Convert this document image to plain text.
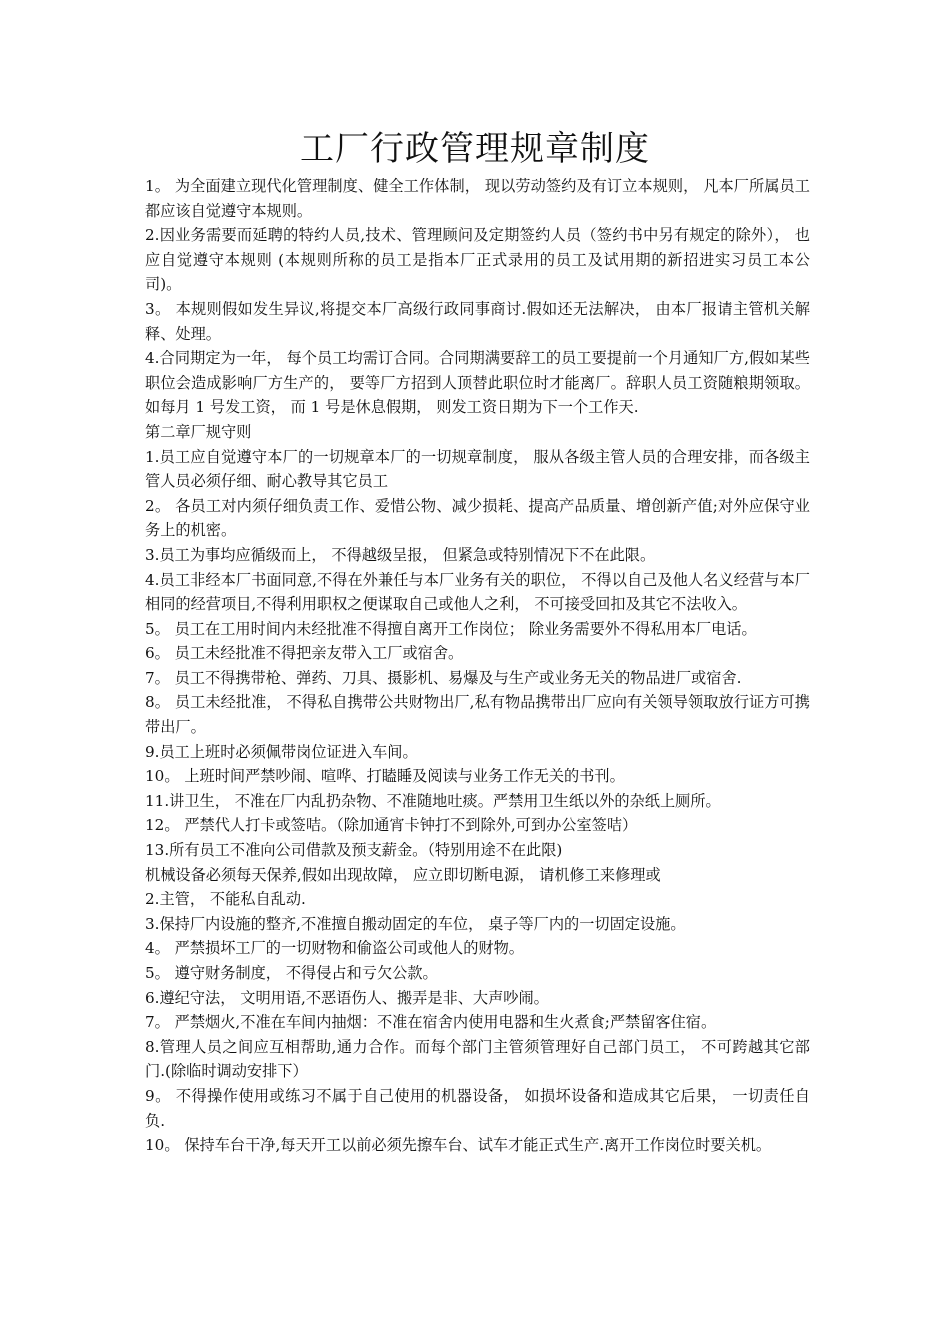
工厂行政管理规章制度

1。 为全面建立现代化管理制度、健全工作体制， 现以劳动签约及有订立本规则， 凡本厂所属员工都应该自觉遵守本规则。

2.因业务需要而延聘的特约人员,技术、管理顾问及定期签约人员（签约书中另有规定的除外）， 也应自觉遵守本规则 (本规则所称的员工是指本厂正式录用的员工及试用期的新招进实习员工本公司)。

3。 本规则假如发生异议,将提交本厂高级行政同事商讨.假如还无法解决， 由本厂报请主管机关解释、处理。

4.合同期定为一年， 每个员工均需订合同。合同期满要辞工的员工要提前一个月通知厂方,假如某些职位会造成影响厂方生产的， 要等厂方招到人顶替此职位时才能离厂。辞职人员工资随粮期领取。如每月 1 号发工资， 而 1 号是休息假期， 则发工资日期为下一个工作天.

第二章厂规守则

1.员工应自觉遵守本厂的一切规章本厂的一切规章制度， 服从各级主管人员的合理安排，而各级主管人员必须仔细、耐心教导其它员工

2。 各员工对内须仔细负责工作、爱惜公物、减少损耗、提高产品质量、增创新产值;对外应保守业务上的机密。

3.员工为事均应循级而上， 不得越级呈报， 但紧急或特别情况下不在此限。

4.员工非经本厂书面同意,不得在外兼任与本厂业务有关的职位， 不得以自己及他人名义经营与本厂相同的经营项目,不得利用职权之便谋取自己或他人之利， 不可接受回扣及其它不法收入。

5。 员工在工用时间内未经批准不得擅自离开工作岗位； 除业务需要外不得私用本厂电话。

6。 员工未经批准不得把亲友带入工厂或宿舍。

7。 员工不得携带枪、弹药、刀具、摄影机、易爆及与生产或业务无关的物品进厂或宿舍.

8。 员工未经批准， 不得私自携带公共财物出厂,私有物品携带出厂应向有关领导领取放行证方可携带出厂。

9.员工上班时必须佩带岗位证进入车间。

10。 上班时间严禁吵闹、喧哗、打瞌睡及阅读与业务工作无关的书刊。

11.讲卫生， 不准在厂内乱扔杂物、不准随地吐痰。严禁用卫生纸以外的杂纸上厕所。

12。 严禁代人打卡或签咭。（除加通宵卡钟打不到除外,可到办公室签咭）

13.所有员工不准向公司借款及预支薪金。（特别用途不在此限)

机械设备必须每天保养,假如出现故障， 应立即切断电源， 请机修工来修理或

2.主管， 不能私自乱动.

3.保持厂内设施的整齐,不准擅自搬动固定的车位， 桌子等厂内的一切固定设施。

4。 严禁损坏工厂的一切财物和偷盗公司或他人的财物。

5。 遵守财务制度， 不得侵占和亏欠公款。

6.遵纪守法， 文明用语,不恶语伤人、搬弄是非、大声吵闹。

7。 严禁烟火,不准在车间内抽烟：不准在宿舍内使用电器和生火煮食;严禁留客住宿。

8.管理人员之间应互相帮助,通力合作。而每个部门主管须管理好自己部门员工， 不可跨越其它部门.(除临时调动安排下）

9。 不得操作使用或练习不属于自己使用的机器设备， 如损坏设备和造成其它后果， 一切责任自负.

10。 保持车台干净,每天开工以前必须先擦车台、试车才能正式生产.离开工作岗位时要关机。
